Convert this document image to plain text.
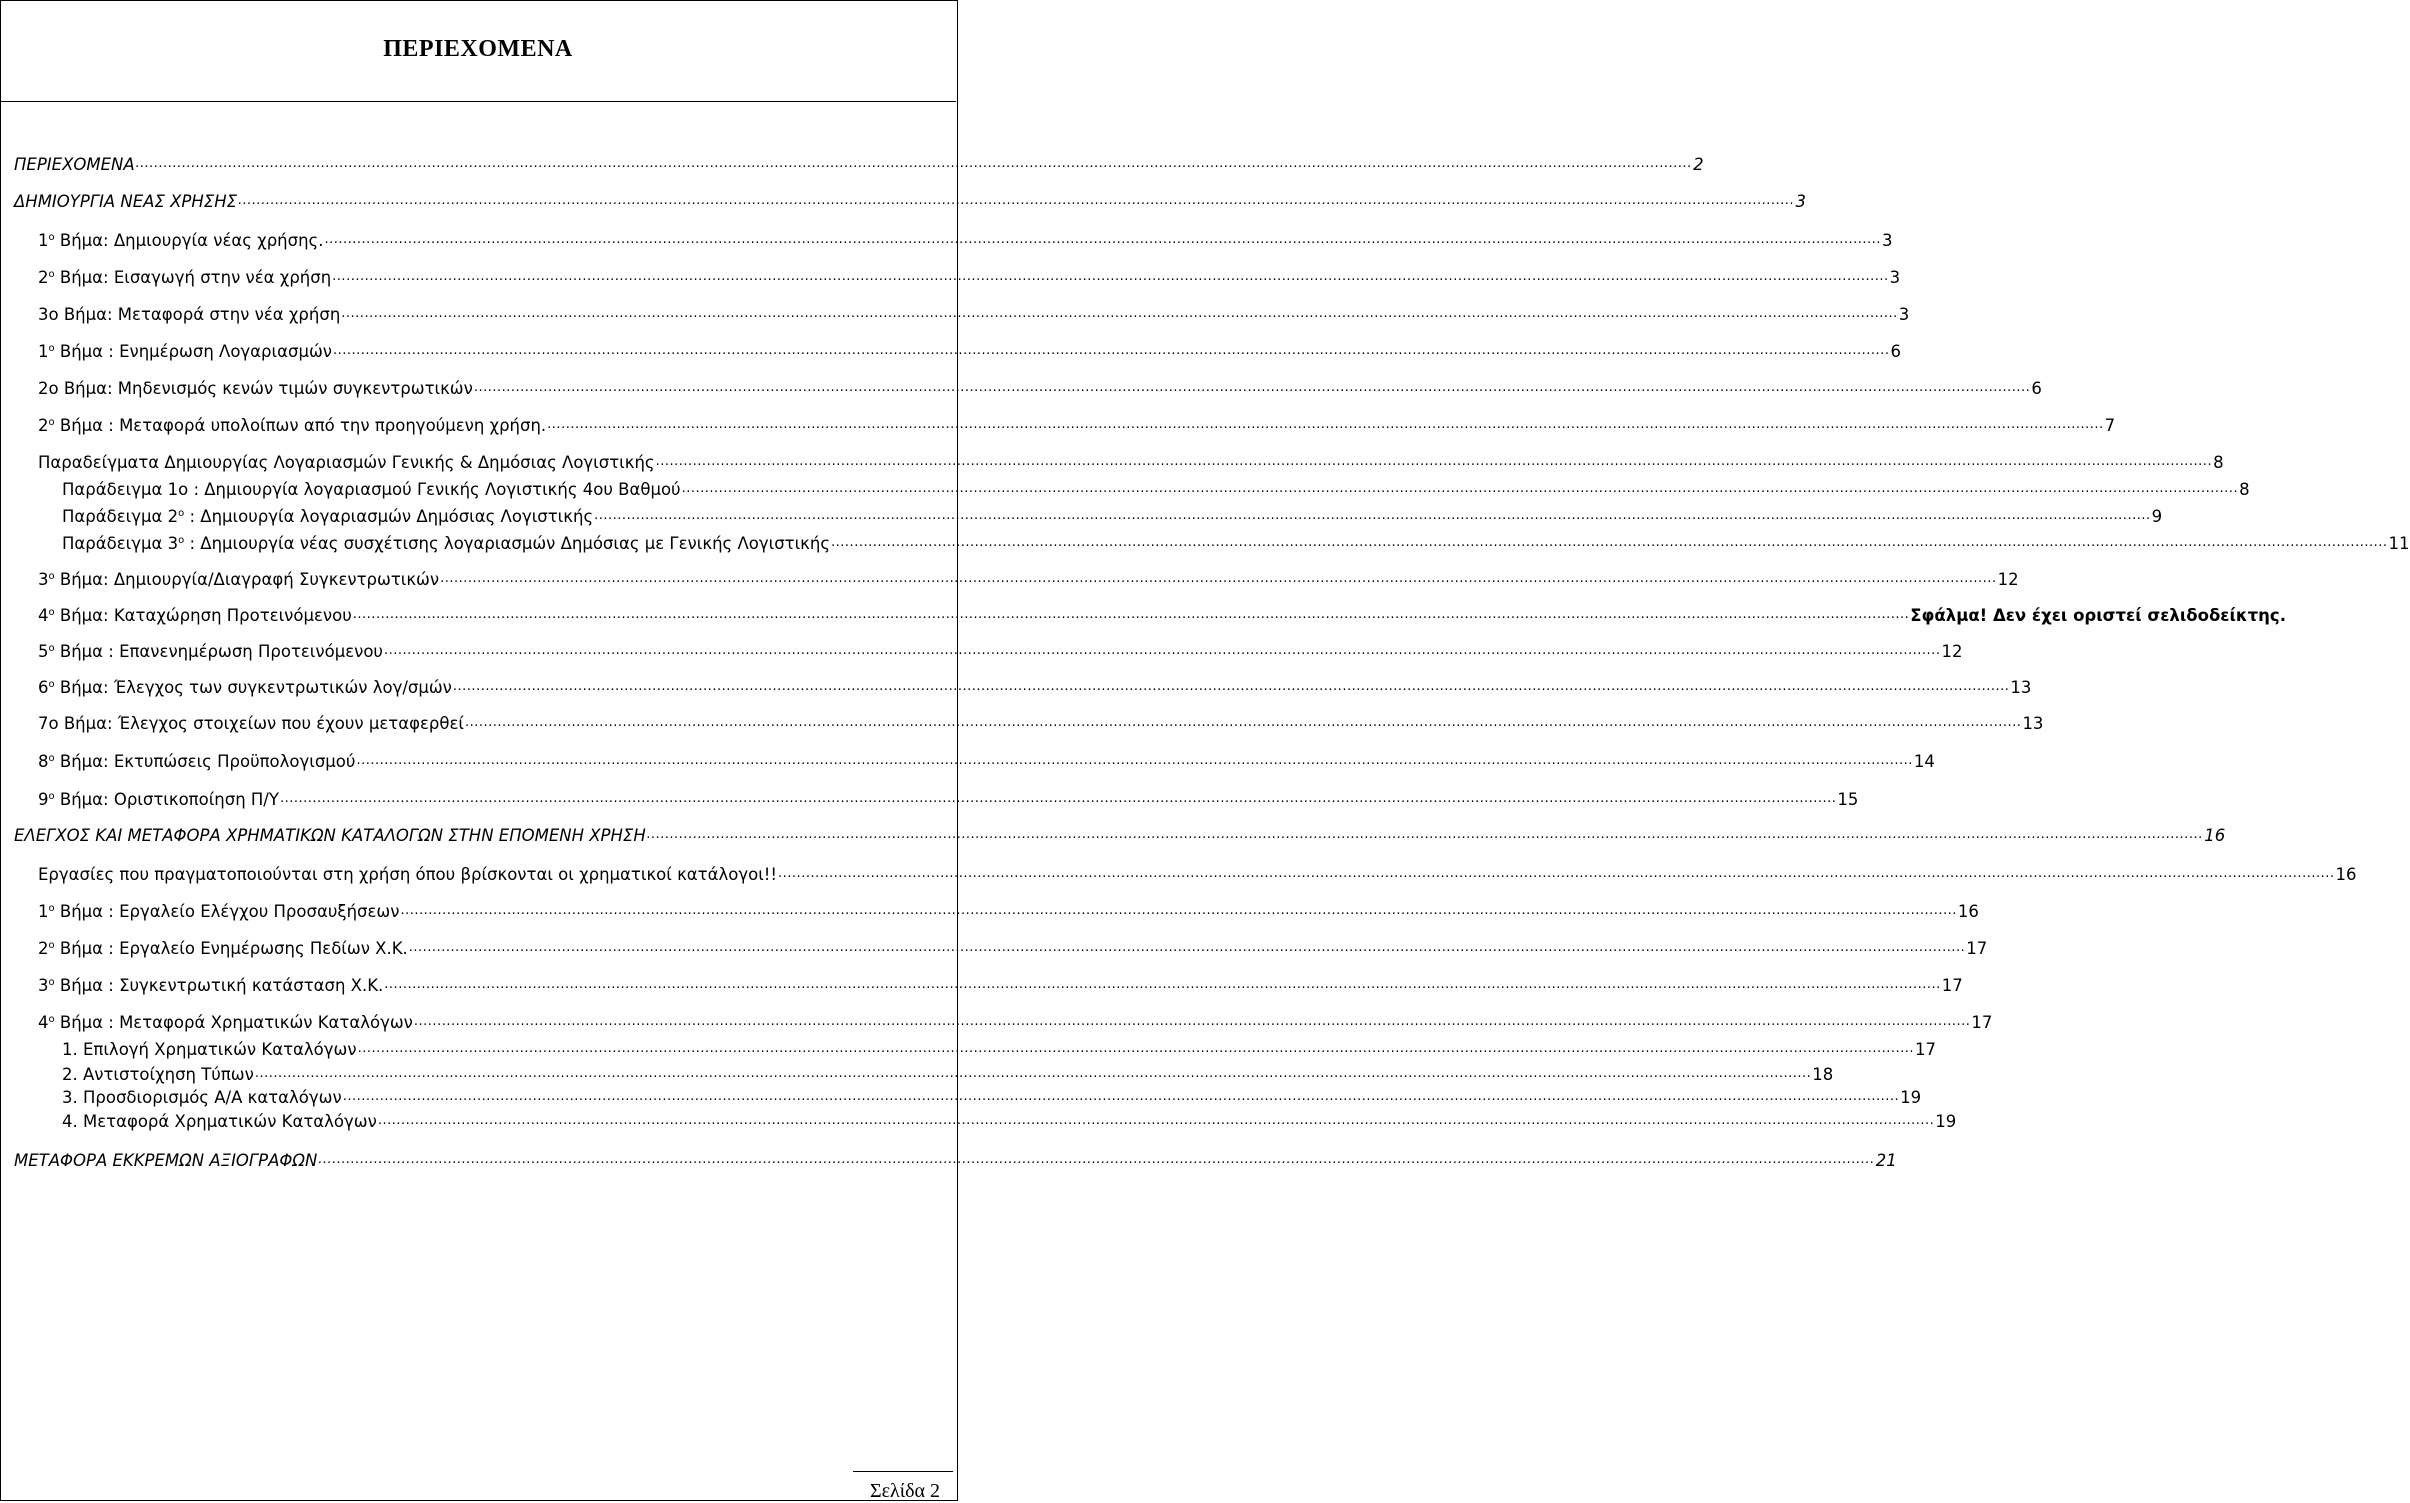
ΠΕΡΙΕΧΟΜΕΝΑ
ΠΕΡΙΕΧΟΜΕΝΑ ................................................................................................................................................................................................................................................................................................................................................ 2
ΔΗΜΙΟΥΡΓΙΑ ΝΕΑΣ ΧΡΗΣΗΣ ................................................................................................................................................................................................................................................................................................................................................ 3
$1^o$ Βήμα: Δημιουργία νέας χρήσης. ................................................................................................................................................................................................................................................................................................................................................ 3
$2^o$ Βήμα: Εισαγωγή στην νέα χρήση ................................................................................................................................................................................................................................................................................................................................................ 3
3ο Βήμα: Μεταφορά στην νέα χρήση ................................................................................................................................................................................................................................................................................................................................................ 3
$1^o$ Βήμα : Ενημέρωση Λογαριασμών ................................................................................................................................................................................................................................................................................................................................................ 6
2ο Βήμα: Μηδενισμός κενών τιμών συγκεντρωτικών ................................................................................................................................................................................................................................................................................................................................................ 6
$2^o$ Βήμα : Μεταφορά υπολοίπων από την προηγούμενη χρήση. ................................................................................................................................................................................................................................................................................................................................................ 7
Παραδείγματα Δημιουργίας Λογαριασμών Γενικής & Δημόσιας Λογιστικής ................................................................................................................................................................................................................................................................................................................................................ 8
Παράδειγμα 1ο : Δημιουργία λογαριασμού Γενικής Λογιστικής 4ου Βαθμού ................................................................................................................................................................................................................................................................................................................................................ 8
Παράδειγμα $2^o$ : Δημιουργία λογαριασμών Δημόσιας Λογιστικής ................................................................................................................................................................................................................................................................................................................................................ 9
Παράδειγμα $3^o$ : Δημιουργία νέας συσχέτισης λογαριασμών Δημόσιας με Γενικής Λογιστικής ................................................................................................................................................................................................................................................................................................................................................ 11
$3^o$ Βήμα: Δημιουργία/Διαγραφή Συγκεντρωτικών ................................................................................................................................................................................................................................................................................................................................................ 12
$4^o$ Βήμα: Καταχώρηση Προτεινόμενου ................................................................................................................................................................................................................................................................................................................................................ Σφάλμα! Δεν έχει οριστεί σελιδοδείκτης.
$5^o$ Βήμα : Επανενημέρωση Προτεινόμενου ................................................................................................................................................................................................................................................................................................................................................ 12
$6^o$ Βήμα: Έλεγχος των συγκεντρωτικών λογ/σμών ................................................................................................................................................................................................................................................................................................................................................ 13
7ο Βήμα: Έλεγχος στοιχείων που έχουν μεταφερθεί ................................................................................................................................................................................................................................................................................................................................................ 13
$8^o$ Βήμα: Εκτυπώσεις Προϋπολογισμού ................................................................................................................................................................................................................................................................................................................................................ 14
$9^o$ Βήμα: Οριστικοποίηση Π/Υ ................................................................................................................................................................................................................................................................................................................................................ 15
ΕΛΕΓΧΟΣ ΚΑΙ ΜΕΤΑΦΟΡΑ ΧΡΗΜΑΤΙΚΩΝ ΚΑΤΑΛΟΓΩΝ ΣΤΗΝ ΕΠΟΜΕΝΗ ΧΡΗΣΗ ................................................................................................................................................................................................................................................................................................................................................ 16
Εργασίες που πραγματοποιούνται στη χρήση όπου βρίσκονται οι χρηματικοί κατάλογοι!! ................................................................................................................................................................................................................................................................................................................................................ 16
$1^o$ Βήμα : Εργαλείο Ελέγχου Προσαυξήσεων ................................................................................................................................................................................................................................................................................................................................................ 16
$2^o$ Βήμα : Εργαλείο Ενημέρωσης Πεδίων Χ.Κ. ................................................................................................................................................................................................................................................................................................................................................ 17
$3^o$ Βήμα : Συγκεντρωτική κατάσταση Χ.Κ. ................................................................................................................................................................................................................................................................................................................................................ 17
$4^o$ Βήμα : Μεταφορά Χρηματικών Καταλόγων ................................................................................................................................................................................................................................................................................................................................................ 17
1. Επιλογή Χρηματικών Καταλόγων ................................................................................................................................................................................................................................................................................................................................................ 17
2. Αντιστοίχηση Τύπων ................................................................................................................................................................................................................................................................................................................................................ 18
3. Προσδιορισμός Α/Α καταλόγων ................................................................................................................................................................................................................................................................................................................................................ 19
4. Μεταφορά Χρηματικών Καταλόγων ................................................................................................................................................................................................................................................................................................................................................ 19
ΜΕΤΑΦΟΡΑ ΕΚΚΡΕΜΩΝ ΑΞΙΟΓΡΑΦΩΝ ................................................................................................................................................................................................................................................................................................................................................ 21
Σελίδα 2
